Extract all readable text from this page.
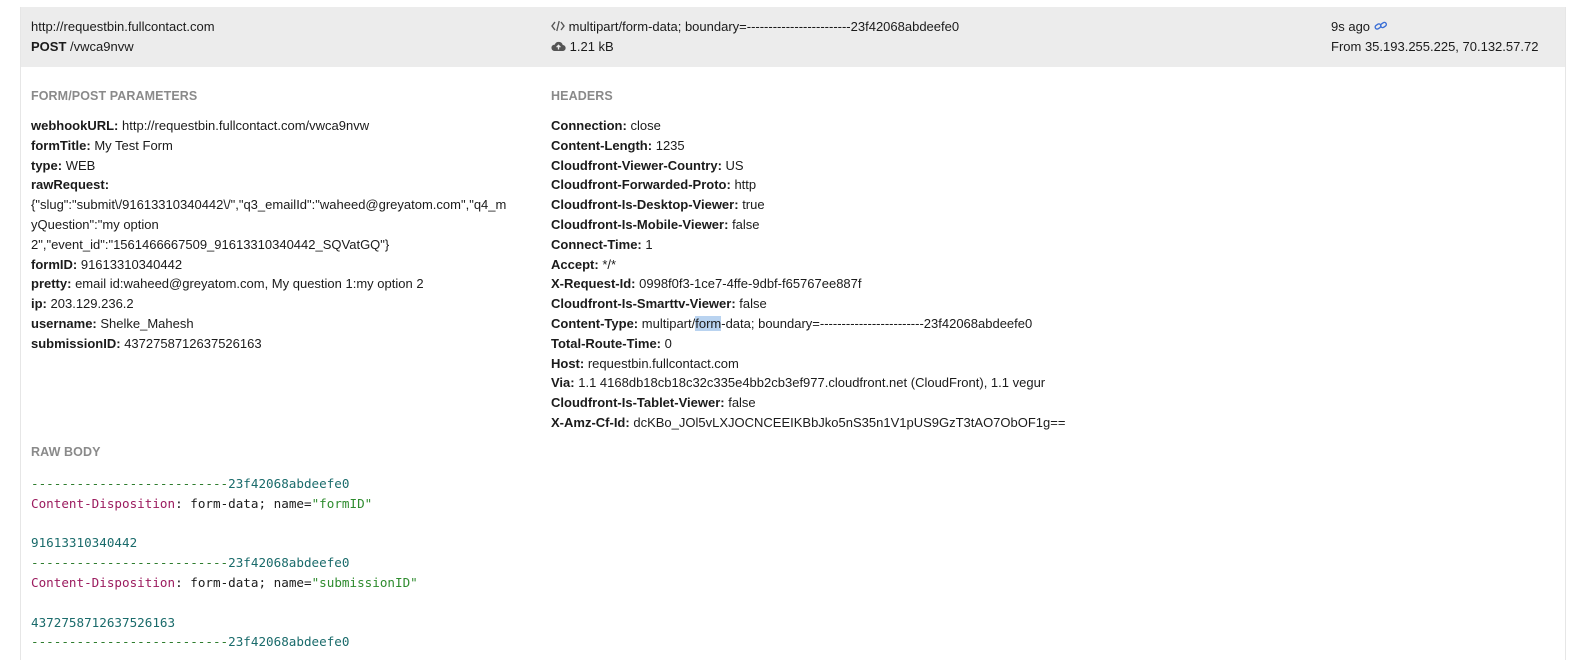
http://requestbin.fullcontact.com
POST /vwca9nvw
multipart/form-data; boundary=------------------------23f42068abdeefe0
1.21 kB
9s ago
From 35.193.255.225, 70.132.57.72
FORM/POST PARAMETERS
webhookURL: http://requestbin.fullcontact.com/vwca9nvw
formTitle: My Test Form
type: WEB
rawRequest:
{"slug":"submit\/91613310340442\/","q3_emailId":"waheed@greyatom.com","q4_m
yQuestion":"my option
2","event_id":"1561466667509_91613310340442_SQVatGQ"}
formID: 91613310340442
pretty: email id:waheed@greyatom.com, My question 1:my option 2
ip: 203.129.236.2
username: Shelke_Mahesh
submissionID: 4372758712637526163
HEADERS
Connection: close
Content-Length: 1235
Cloudfront-Viewer-Country: US
Cloudfront-Forwarded-Proto: http
Cloudfront-Is-Desktop-Viewer: true
Cloudfront-Is-Mobile-Viewer: false
Connect-Time: 1
Accept: */*
X-Request-Id: 0998f0f3-1ce7-4ffe-9dbf-f65767ee887f
Cloudfront-Is-Smarttv-Viewer: false
Content-Type: multipart/form-data; boundary=------------------------23f42068abdeefe0
Total-Route-Time: 0
Host: requestbin.fullcontact.com
Via: 1.1 4168db18cb18c32c335e4bb2cb3ef977.cloudfront.net (CloudFront), 1.1 vegur
Cloudfront-Is-Tablet-Viewer: false
X-Amz-Cf-Id: dcKBo_JOl5vLXJOCNCEEIKBbJko5nS35n1V1pUS9GzT3tAO7ObOF1g==
RAW BODY
--------------------------23f42068abdeefe0
Content-Disposition: form-data; name="formID"

91613310340442
--------------------------23f42068abdeefe0
Content-Disposition: form-data; name="submissionID"

4372758712637526163
--------------------------23f42068abdeefe0
